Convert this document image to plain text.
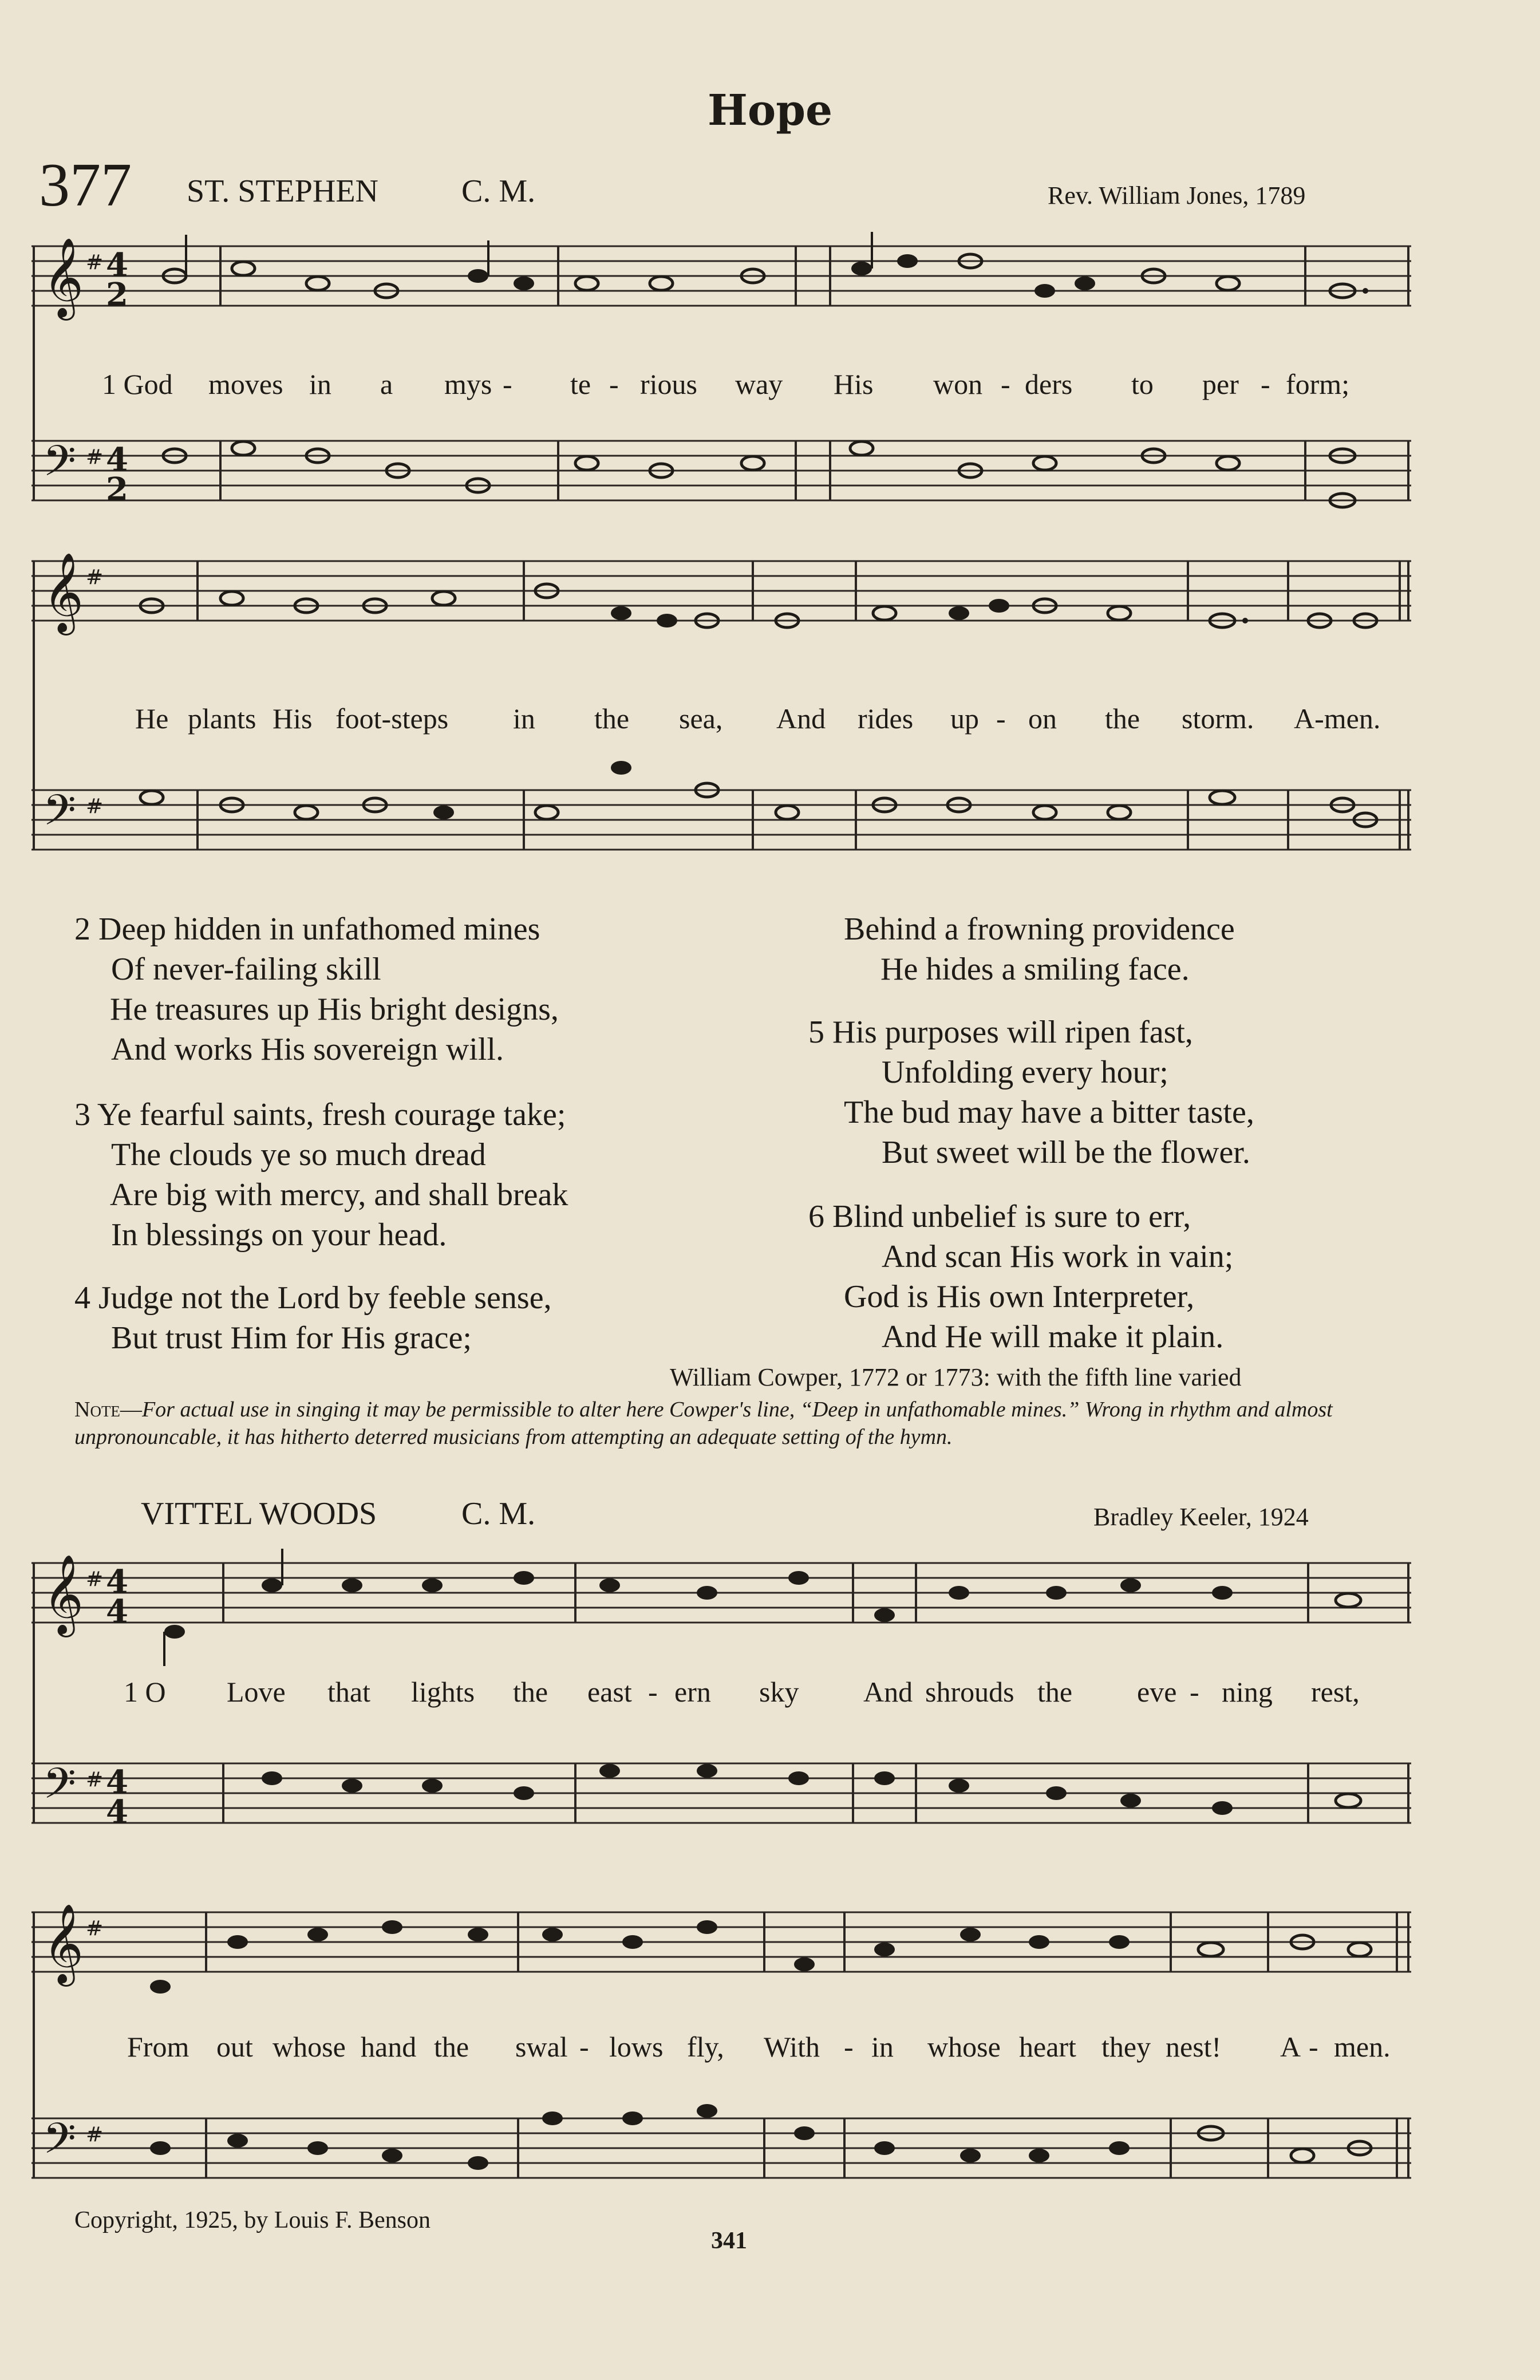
Hope
377 ST. STEPHEN	C. M.	Rev. William Jones, 1789
𝄞
𝄢
#
#
4
2
4
2
1 God moves in a mys - te - rious way His won - ders to per - form;
𝄞
𝄢
#
#
He plants His foot-steps in the sea, And rides up - on the storm. A-men.
2 Deep hidden in unfathomed mines
Of never-failing skill
He treasures up His bright designs,
And works His sovereign will.
3 Ye fearful saints, fresh courage take;
The clouds ye so much dread
Are big with mercy, and shall break
In blessings on your head.
4 Judge not the Lord by feeble sense,
But trust Him for His grace;
Behind a frowning providence
He hides a smiling face.
5 His purposes will ripen fast,
Unfolding every hour;
The bud may have a bitter taste,
But sweet will be the flower.
6 Blind unbelief is sure to err,
And scan His work in vain;
God is His own Interpreter,
And He will make it plain.
William Cowper, 1772 or 1773: with the fifth line varied
Note—For actual use in singing it may be permissible to alter here Cowper's line, “Deep in unfathomable mines.” Wrong in rhythm and almost unpronouncable, it has hitherto deterred musicians from attempting an adequate setting of the hymn.
VITTEL WOODS	C. M.	Bradley Keeler, 1924
𝄞
𝄢
#
#
4
4
4
4
1 O Love that lights the east - ern sky And shrouds the eve - ning rest,
𝄞
𝄢
#
#
From out whose hand the swal - lows fly, With - in whose heart they nest! A - men.
Copyright, 1925, by Louis F. Benson
341
